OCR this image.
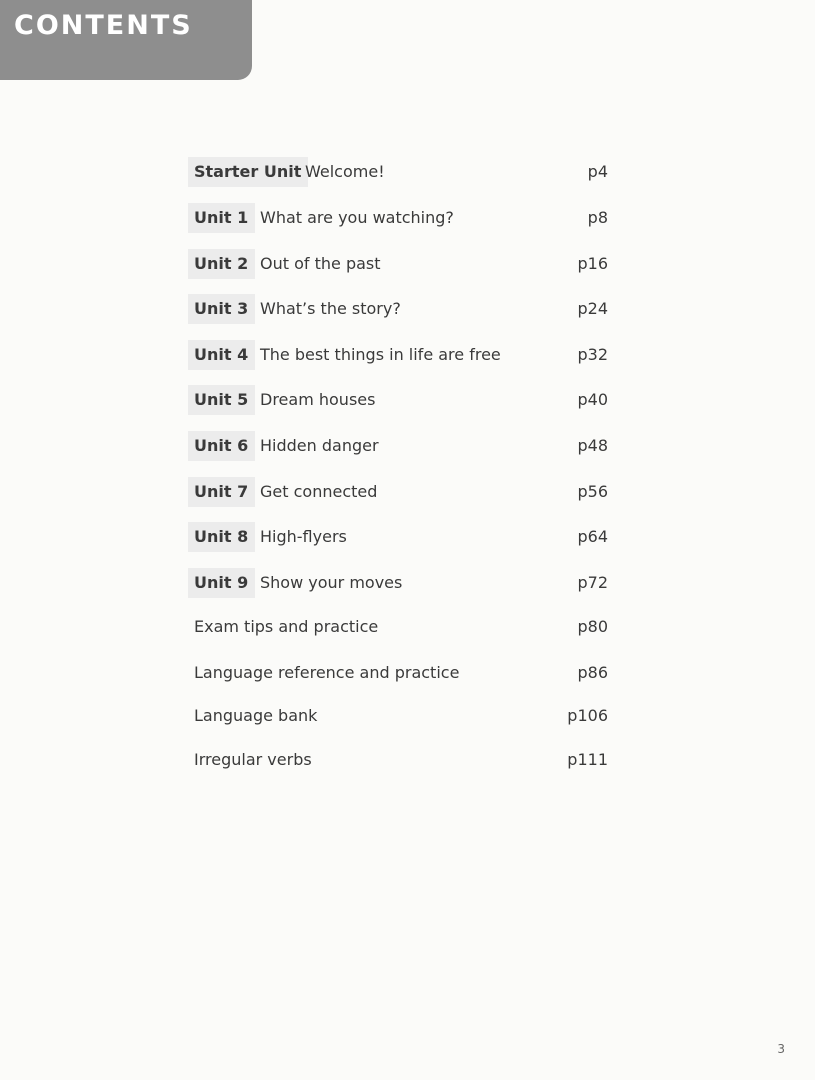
CONTENTS
Starter Unit Welcome!	p4
Unit 1 What are you watching?	p8
Unit 2 Out of the past	p16
Unit 3 What’s the story?	p24
Unit 4 The best things in life are free	p32
Unit 5 Dream houses	p40
Unit 6 Hidden danger	p48
Unit 7 Get connected	p56
Unit 8 High-flyers	p64
Unit 9 Show your moves	p72
Exam tips and practice	p80
Language reference and practice	p86
Language bank	p106
Irregular verbs	p111
3
